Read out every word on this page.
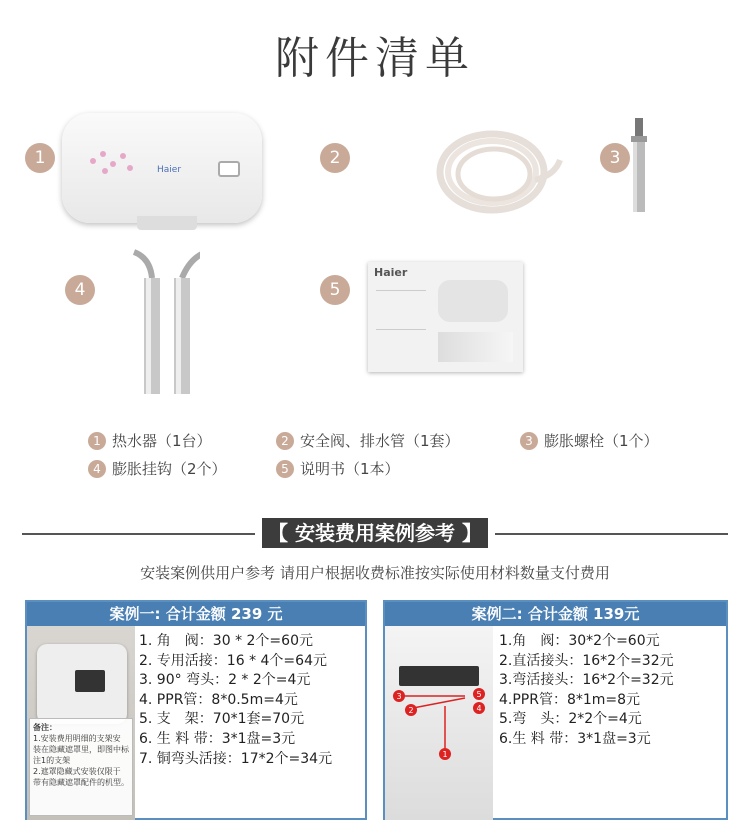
附件清单
1
Haier
2	3
4	5
Haier
1 热水器（1台）	2 安全阀、排水管（1套）	3 膨胀螺栓（1个）
4 膨胀挂钩（2个）	5 说明书（1本）
【 安装费用案例参考 】
安装案例供用户参考 请用户根据收费标准按实际使用材料数量支付费用
案例一: 合计金额 239 元
备注：
1.安装费用明细的支架安
装在隐藏遮罩里，即图中标
注1的支架
2.遮罩隐藏式安装仅限于
带有隐藏遮罩配件的机型。
1. 角　阀：30 * 2个=60元
2. 专用活接：16 * 4个=64元
3. 90° 弯头：2 * 2个=4元
4. PPR管：8*0.5m=4元
5. 支　架：70*1套=70元
6. 生 料 带：3*1盘=3元
7. 铜弯头活接：17*2个=34元
案例二: 合计金额 139元
3
2	4
5
1
1.角　阀：30*2个=60元
2.直活接头：16*2个=32元
3.弯活接头：16*2个=32元
4.PPR管：8*1m=8元
5.弯　头：2*2个=4元
6.生 料 带：3*1盘=3元
